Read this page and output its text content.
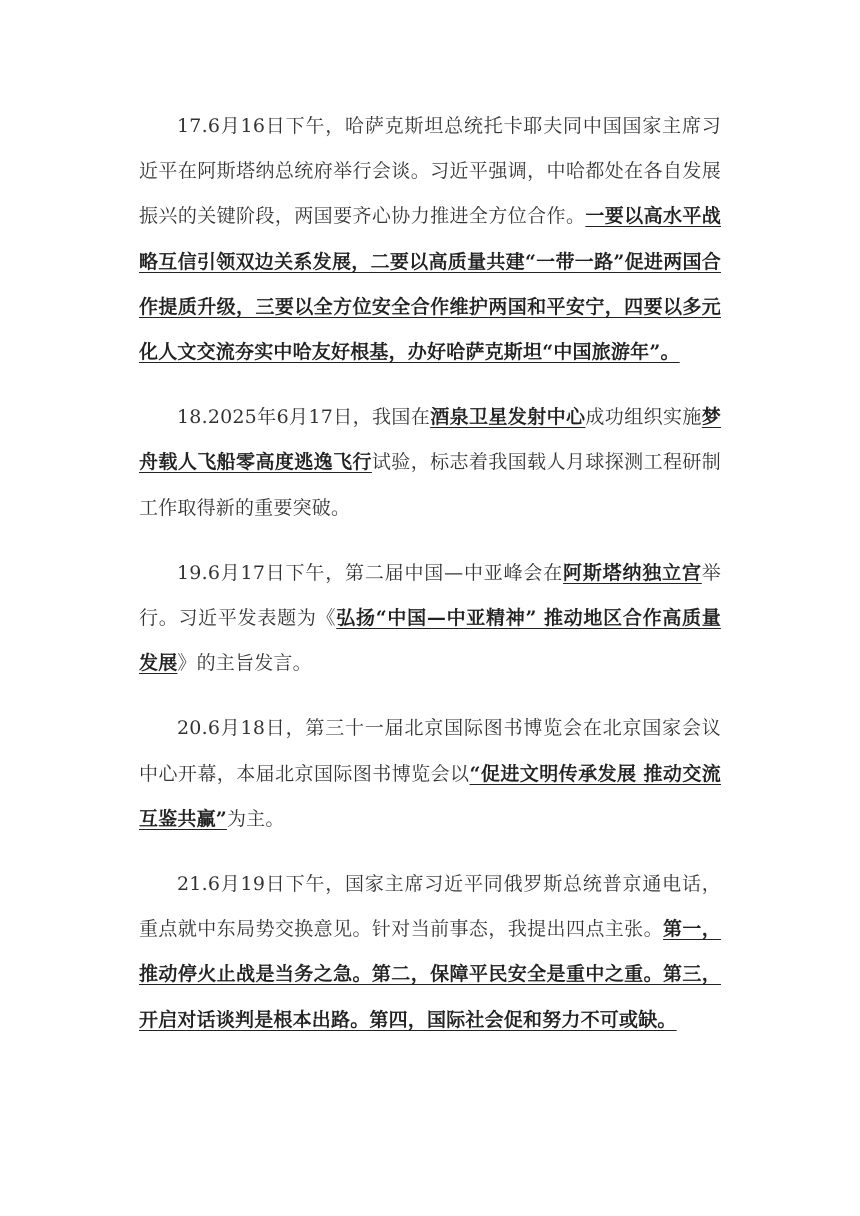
17.6月16日下午，哈萨克斯坦总统托卡耶夫同中国国家主席习近平在阿斯塔纳总统府举行会谈。习近平强调，中哈都处在各自发展振兴的关键阶段，两国要齐心协力推进全方位合作。一要以高水平战略互信引领双边关系发展，二要以高质量共建“一带一路”促进两国合作提质升级，三要以全方位安全合作维护两国和平安宁，四要以多元化人文交流夯实中哈友好根基，办好哈萨克斯坦“中国旅游年”。

18.2025年6月17日，我国在酒泉卫星发射中心成功组织实施梦舟载人飞船零高度逃逸飞行试验，标志着我国载人月球探测工程研制工作取得新的重要突破。

19.6月17日下午，第二届中国—中亚峰会在阿斯塔纳独立宫举行。习近平发表题为《弘扬“中国—中亚精神” 推动地区合作高质量发展》的主旨发言。

20.6月18日，第三十一届北京国际图书博览会在北京国家会议中心开幕，本届北京国际图书博览会以“促进文明传承发展 推动交流互鉴共赢”为主。

21.6月19日下午，国家主席习近平同俄罗斯总统普京通电话，重点就中东局势交换意见。针对当前事态，我提出四点主张。第一，推动停火止战是当务之急。第二，保障平民安全是重中之重。第三，开启对话谈判是根本出路。第四，国际社会促和努力不可或缺。
